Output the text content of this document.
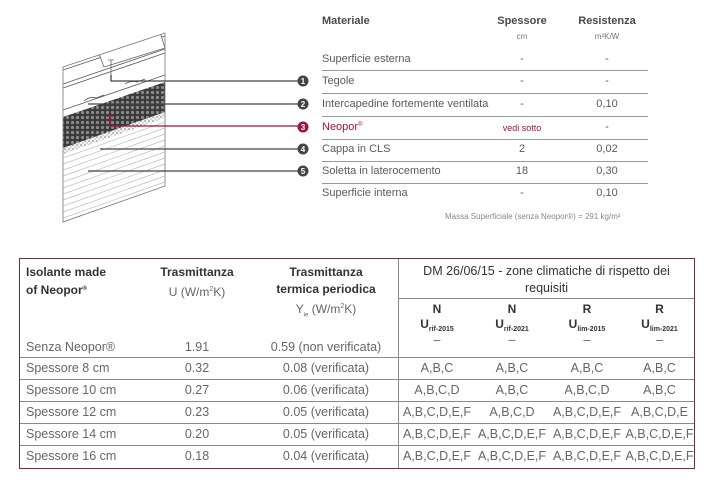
1
2
3
4
5
Materiale	Spessore
cm
Resistenza
m²K/W
Superficie esterna	-	-
Tegole	-	-
Intercapedine fortemente ventilata	-	0,10
Neopor®	vedi sotto	-
Cappa in CLS	2	0,02
Soletta in laterocemento	18	0,30
Superficie interna	-	0,10
Massa Superficiale (senza Neopor®) = 291 kg/m²
Isolante made
of Neopor®
Trasmittanza
U $(W/m^2K)$
Trasmittanza
termica periodica
$Y_{ie}$ $(W/m^2K)$
DM 26/06/15 - zone climatiche di rispetto dei
requisiti
N
$U_{rif-2015}$
N
$U_{rif-2021}$
R
$U_{lim-2015}$
R
$U_{lim-2021}$
Senza Neopor®	1.91	0.59 (non verificata)	–	–	–	–
Spessore 8 cm	0.32	0.08 (verificata)	A,B,C	A,B,C	A,B,C	A,B,C
Spessore 10 cm	0.27	0.06 (verificata)	A,B,C,D	A,B,C	A,B,C,D	A,B,C
Spessore 12 cm	0.23	0.05 (verificata)	A,B,C,D,E,F	A,B,C,D	A,B,C,D,E,F A,B,C,D,E
Spessore 14 cm	0.20	0.05 (verificata)	A,B,C,D,E,F A,B,C,D,E,F A,B,C,D,E,F A,B,C,D,E,F
Spessore 16 cm	0.18	0.04 (verificata)	A,B,C,D,E,F A,B,C,D,E,F A,B,C,D,E,F A,B,C,D,E,F
